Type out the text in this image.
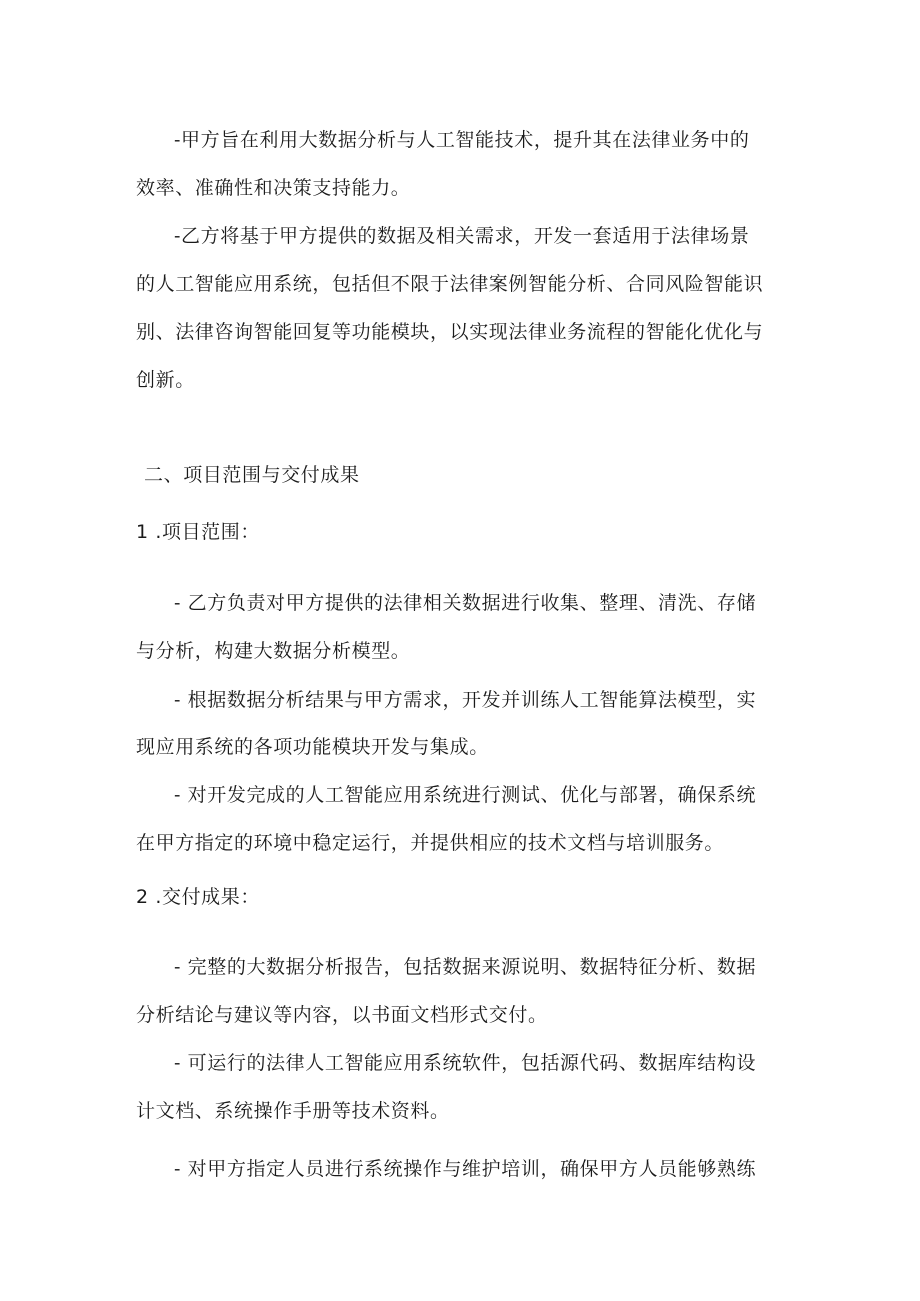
-甲方旨在利用大数据分析与人工智能技术，提升其在法律业务中的
效率、准确性和决策支持能力。
-乙方将基于甲方提供的数据及相关需求，开发一套适用于法律场景
的人工智能应用系统，包括但不限于法律案例智能分析、合同风险智能识
别、法律咨询智能回复等功能模块，以实现法律业务流程的智能化优化与
创新。
二、项目范围与交付成果
1 .项目范围：
- 乙方负责对甲方提供的法律相关数据进行收集、整理、清洗、存储
与分析，构建大数据分析模型。
- 根据数据分析结果与甲方需求，开发并训练人工智能算法模型，实
现应用系统的各项功能模块开发与集成。
- 对开发完成的人工智能应用系统进行测试、优化与部署，确保系统
在甲方指定的环境中稳定运行，并提供相应的技术文档与培训服务。
2 .交付成果：
- 完整的大数据分析报告，包括数据来源说明、数据特征分析、数据
分析结论与建议等内容，以书面文档形式交付。
- 可运行的法律人工智能应用系统软件，包括源代码、数据库结构设
计文档、系统操作手册等技术资料。
- 对甲方指定人员进行系统操作与维护培训，确保甲方人员能够熟练
